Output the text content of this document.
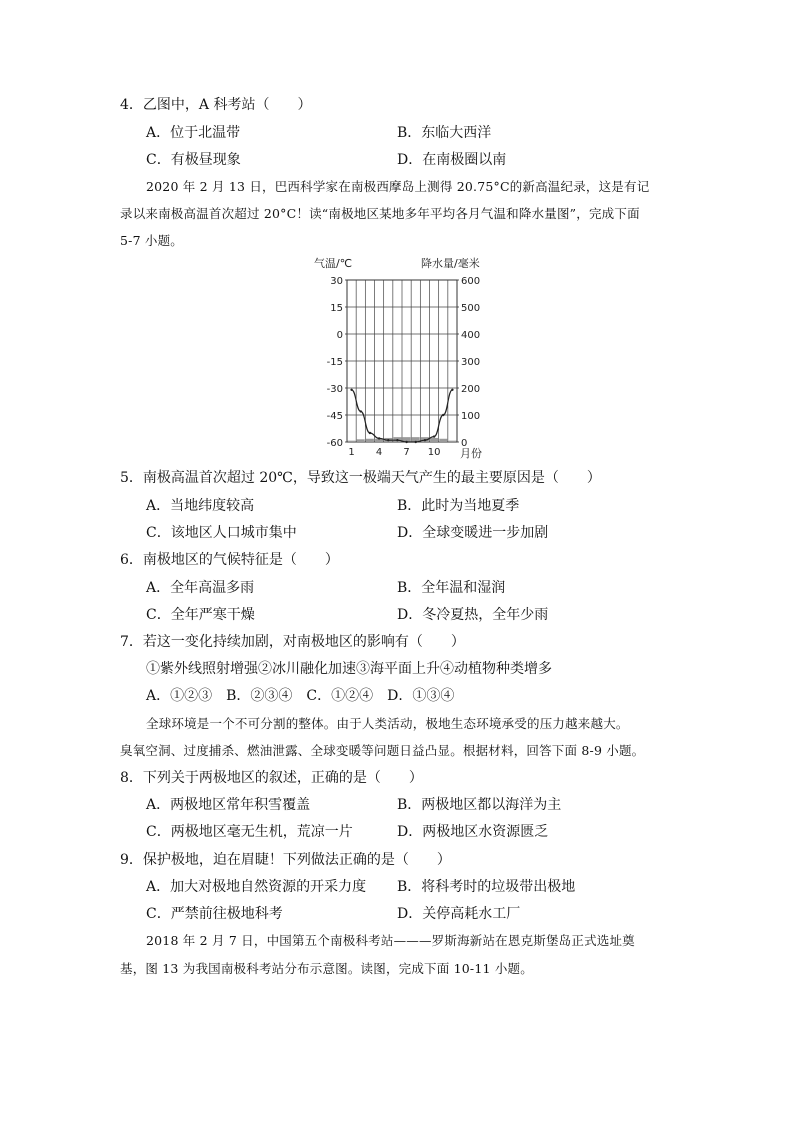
4．乙图中，A 科考站（　　）
A．位于北温带	B．东临大西洋
C．有极昼现象	D．在南极圈以南
2020 年 2 月 13 日，巴西科学家在南极西摩岛上测得 20.75°C的新高温纪录，这是有记
录以来南极高温首次超过 20°C！读“南极地区某地多年平均各月气温和降水量图”，完成下面
5-7 小题。
气温/℃	降水量/毫米
月份
30
15
0
-15
-30
-45
-60
600
500
400
300
200
100
0
1 4 7 10
5．南极高温首次超过 20℃，导致这一极端天气产生的最主要原因是（　　）
A．当地纬度较高	B．此时为当地夏季
C．该地区人口城市集中	D．全球变暖进一步加剧
6．南极地区的气候特征是（　　）
A．全年高温多雨	B．全年温和湿润
C．全年严寒干燥	D．冬冷夏热，全年少雨
7．若这一变化持续加剧，对南极地区的影响有（　　）
①紫外线照射增强②冰川融化加速③海平面上升④动植物种类增多
A．①②③　B．②③④　C．①②④　D．①③④
全球环境是一个不可分割的整体。由于人类活动，极地生态环境承受的压力越来越大。
臭氧空洞、过度捕杀、燃油泄露、全球变暖等问题日益凸显。根据材料，回答下面 8-9 小题。
8．下列关于两极地区的叙述，正确的是（　　）
A．两极地区常年积雪覆盖	B．两极地区都以海洋为主
C．两极地区毫无生机，荒凉一片	D．两极地区水资源匮乏
9．保护极地，迫在眉睫！下列做法正确的是（　　）
A．加大对极地自然资源的开采力度 B．将科考时的垃圾带出极地
C．严禁前往极地科考	D．关停高耗水工厂
2018 年 2 月 7 日，中国第五个南极科考站———罗斯海新站在恩克斯堡岛正式选址奠
基，图 13 为我国南极科考站分布示意图。读图，完成下面 10-11 小题。
